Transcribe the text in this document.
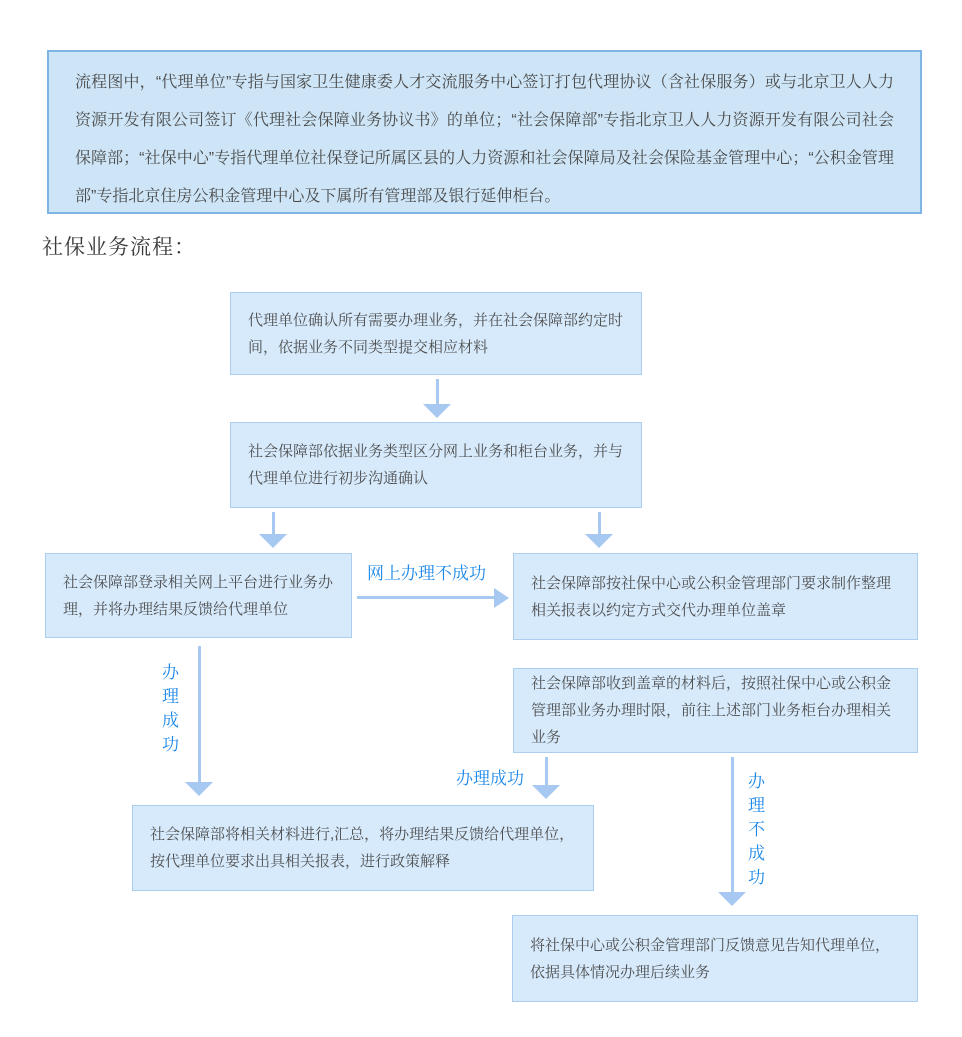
流程图中，“代理单位”专指与国家卫生健康委人才交流服务中心签订打包代理协议（含社保服务）或与北京卫人人力资源开发有限公司签订《代理社会保障业务协议书》的单位；“社会保障部”专指北京卫人人力资源开发有限公司社会保障部；“社保中心”专指代理单位社保登记所属区县的人力资源和社会保障局及社会保险基金管理中心；“公积金管理部”专指北京住房公积金管理中心及下属所有管理部及银行延伸柜台。

社保业务流程：

代理单位确认所有需要办理业务，并在社会保障部约定时间，依据业务不同类型提交相应材料

社会保障部依据业务类型区分网上业务和柜台业务，并与代理单位进行初步沟通确认

社会保障部登录相关网上平台进行业务办理，并将办理结果反馈给代理单位

网上办理不成功	社会保障部按社保中心或公积金管理部门要求制作整理相关报表以约定方式交代办理单位盖章

办理成功	社会保障部收到盖章的材料后，按照社保中心或公积金管理部业务办理时限，前往上述部门业务柜台办理相关业务

办理成功

社会保障部将相关材料进行,汇总，将办理结果反馈给代理单位，按代理单位要求出具相关报表，进行政策解释	办理不成功

将社保中心或公积金管理部门反馈意见告知代理单位，依据具体情况办理后续业务
